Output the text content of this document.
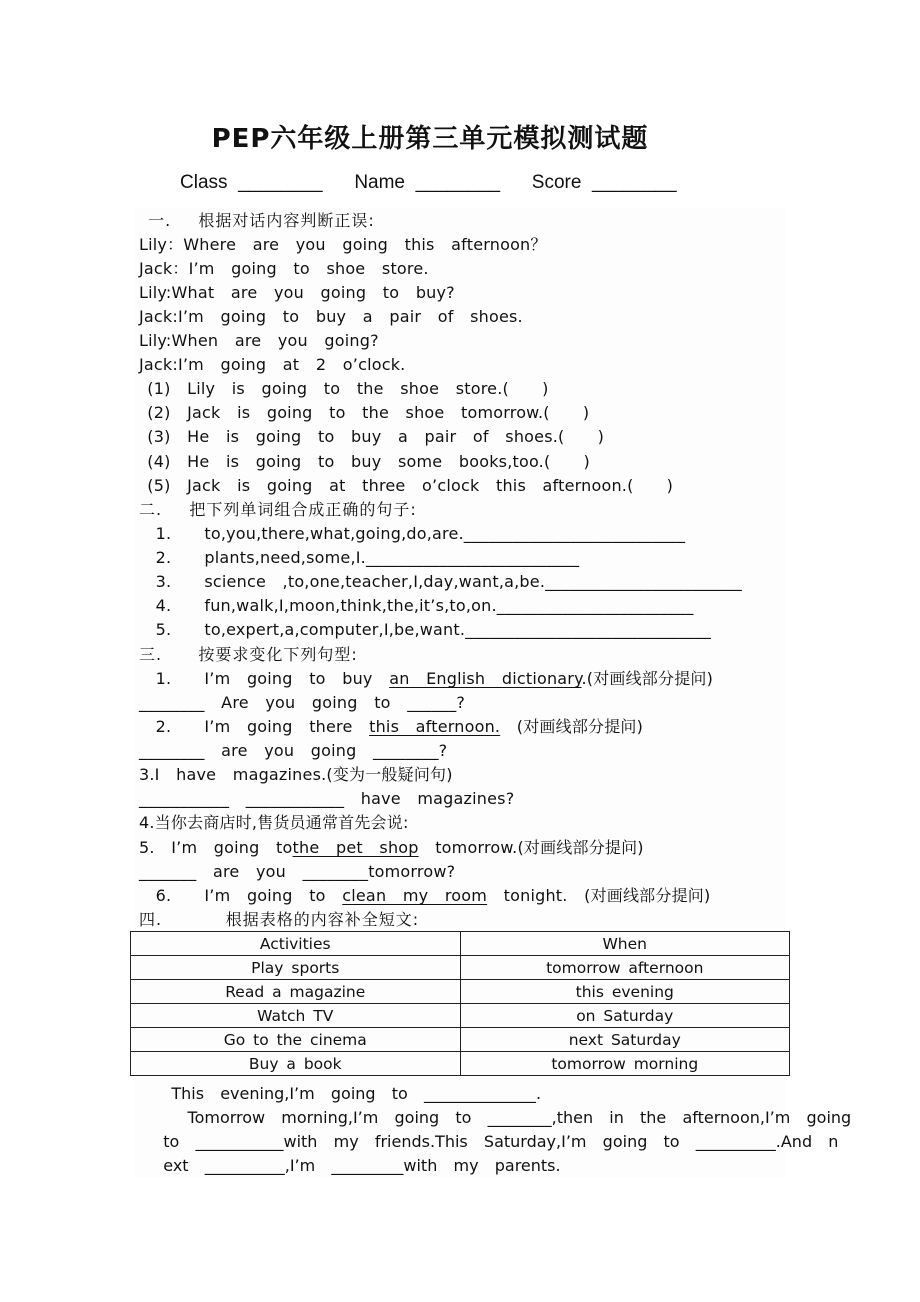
PEP六年级上册第三单元模拟测试题
Class ________ Name ________ Score ________
一.   根据对话内容判断正误:
Lily：Where  are  you  going  this  afternoon？
Jack：I’m  going  to  shoe  store.
Lily:What  are  you  going  to  buy?
Jack:I’m  going  to  buy  a  pair  of  shoes.
Lily:When  are  you  going?
Jack:I’m  going  at  2  o’clock.
(1)  Lily  is  going  to  the  shoe  store.(    )
(2)  Jack  is  going  to  the  shoe  tomorrow.(    )
(3)  He  is  going  to  buy  a  pair  of  shoes.(    )
(4)  He  is  going  to  buy  some  books,too.(    )
(5)  Jack  is  going  at  three  o’clock  this  afternoon.(    )
二.   把下列单词组合成正确的句子:
1.    to,you,there,what,going,do,are.___________________________
2.    plants,need,some,I.__________________________
3.    science  ,to,one,teacher,I,day,want,a,be.________________________
4.    fun,walk,I,moon,think,the,it’s,to,on.________________________
5.    to,expert,a,computer,I,be,want.______________________________
三.    按要求变化下列句型:
1.    I’m  going  to  buy  an  English  dictionary.(对画线部分提问)
________  Are  you  going  to  ______?
2.    I’m  going  there  this  afternoon.  (对画线部分提问)
________  are  you  going  ________?
3.I  have  magazines.(变为一般疑问句)
___________  ____________  have  magazines?
4.当你去商店时,售货员通常首先会说:
5.  I’m  going  tothe  pet  shop  tomorrow.(对画线部分提问)
_______  are  you  ________tomorrow?
6.    I’m  going  to  clean  my  room  tonight.  (对画线部分提问)
四.       根据表格的内容补全短文:
Activities	When
Play sports	tomorrow afternoon
Read a magazine	this evening
Watch TV	on Saturday
Go to the cinema	next Saturday
Buy a book	tomorrow morning
This  evening,I’m  going  to  ______________.
Tomorrow  morning,I’m  going  to  ________,then  in  the  afternoon,I’m  going
to  ___________with  my  friends.This  Saturday,I’m  going  to  __________.And  n
ext  __________,I’m  _________with  my  parents.
